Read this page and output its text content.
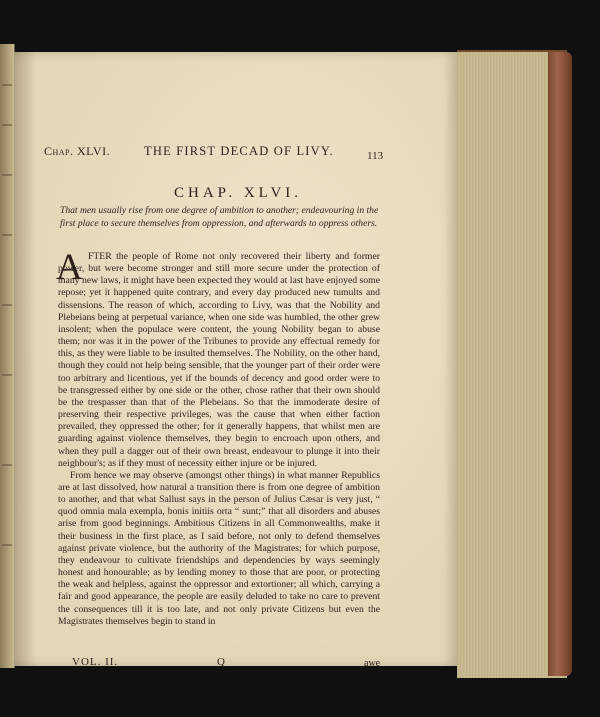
Chap. XLVI.	THE FIRST DECAD OF LIVY.	113
CHAP. XLVI.
That men usually rise from one degree of ambition to another; endeavouring in the first place to secure themselves from oppression, and afterwards to oppress others.
A FTER the people of Rome not only recovered their liberty and former power, but were become stronger and still more secure under the protection of many new laws, it might have been expected they would at last have enjoyed some repose; yet it happened quite contrary, and every day produced new tumults and dissensions. The reason of which, according to Livy, was that the Nobility and Plebeians being at perpetual variance, when one side was humbled, the other grew insolent; when the populace were content, the young Nobility began to abuse them; nor was it in the power of the Tribunes to provide any effectual remedy for this, as they were liable to be insulted themselves. The Nobility, on the other hand, though they could not help being sensible, that the younger part of their order were too arbitrary and licentious, yet if the bounds of decency and good order were to be transgressed either by one side or the other, chose rather that their own should be the trespasser than that of the Plebeians. So that the immoderate desire of preserving their respective privileges, was the cause that when either faction prevailed, they oppressed the other; for it generally happens, that whilst men are guarding against violence themselves, they begin to encroach upon others, and when they pull a dagger out of their own breast, endeavour to plunge it into their neighbour's; as if they must of necessity either injure or be injured.

From hence we may observe (amongst other things) in what manner Republics are at last dissolved, how natural a transition there is from one degree of ambition to another, and that what Sallust says in the person of Julius Cæsar is very just, “ quod omnia mala exempla, bonis initiis orta “ sunt;” that all disorders and abuses arise from good beginnings. Ambitious Citizens in all Commonwealths, make it their business in the first place, as I said before, not only to defend themselves against private violence, but the authority of the Magistrates; for which purpose, they endeavour to cultivate friendships and dependencies by ways seemingly honest and honourable; as by lending money to those that are poor, or protecting the weak and helpless, against the oppressor and extortioner; all which, carrying a fair and good appearance, the people are easily deluded to take no care to prevent the consequences till it is too late, and not only private Citizens but even the Magistrates themselves begin to stand in

VOL. II.	Q	awe
